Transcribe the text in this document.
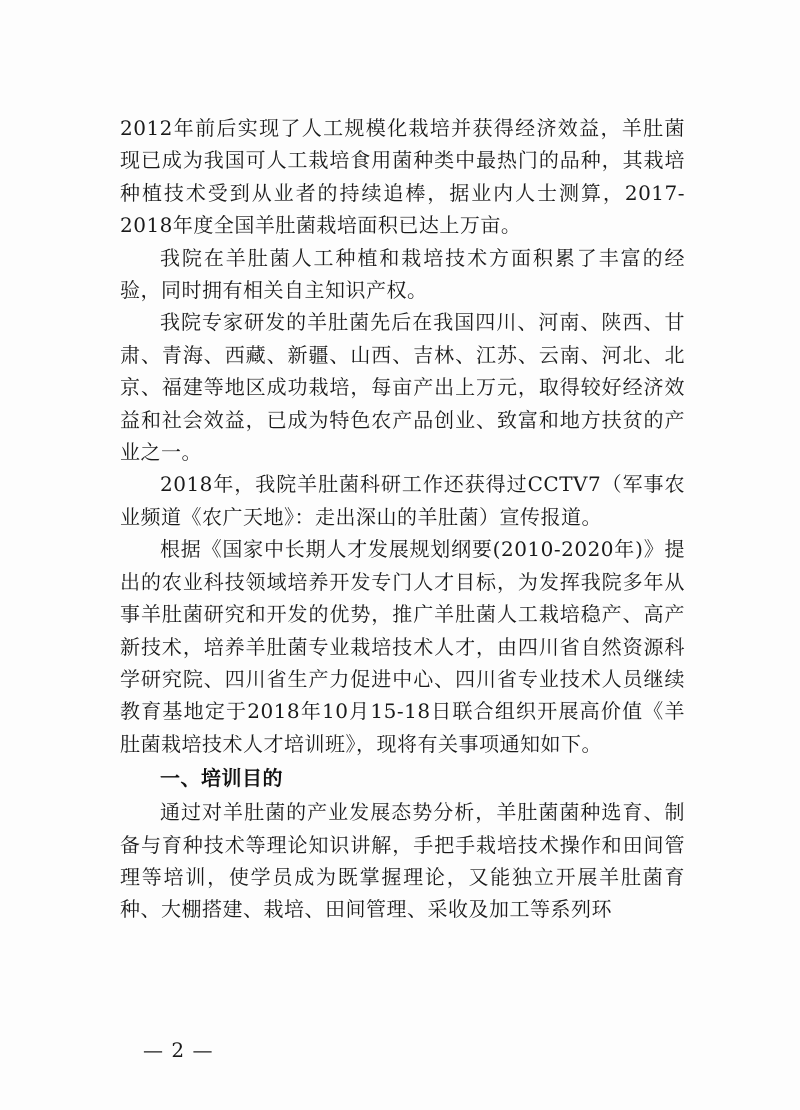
2012年前后实现了人工规模化栽培并获得经济效益，羊肚菌现已成为我国可人工栽培食用菌种类中最热门的品种，其栽培种植技术受到从业者的持续追棒，据业内人士测算，2017-2018年度全国羊肚菌栽培面积已达上万亩。

我院在羊肚菌人工种植和栽培技术方面积累了丰富的经验，同时拥有相关自主知识产权。

我院专家研发的羊肚菌先后在我国四川、河南、陕西、甘肃、青海、西藏、新疆、山西、吉林、江苏、云南、河北、北京、福建等地区成功栽培，每亩产出上万元，取得较好经济效益和社会效益，已成为特色农产品创业、致富和地方扶贫的产业之一。

2018年，我院羊肚菌科研工作还获得过CCTV7（军事农业频道《农广天地》：走出深山的羊肚菌）宣传报道。

根据《国家中长期人才发展规划纲要(2010-2020年)》提出的农业科技领域培养开发专门人才目标，为发挥我院多年从事羊肚菌研究和开发的优势，推广羊肚菌人工栽培稳产、高产新技术，培养羊肚菌专业栽培技术人才，由四川省自然资源科学研究院、四川省生产力促进中心、四川省专业技术人员继续教育基地定于2018年10月15-18日联合组织开展高价值《羊肚菌栽培技术人才培训班》，现将有关事项通知如下。

一、培训目的

通过对羊肚菌的产业发展态势分析，羊肚菌菌种选育、制备与育种技术等理论知识讲解，手把手栽培技术操作和田间管理等培训，使学员成为既掌握理论，又能独立开展羊肚菌育种、大棚搭建、栽培、田间管理、采收及加工等系列环

— 2 —
